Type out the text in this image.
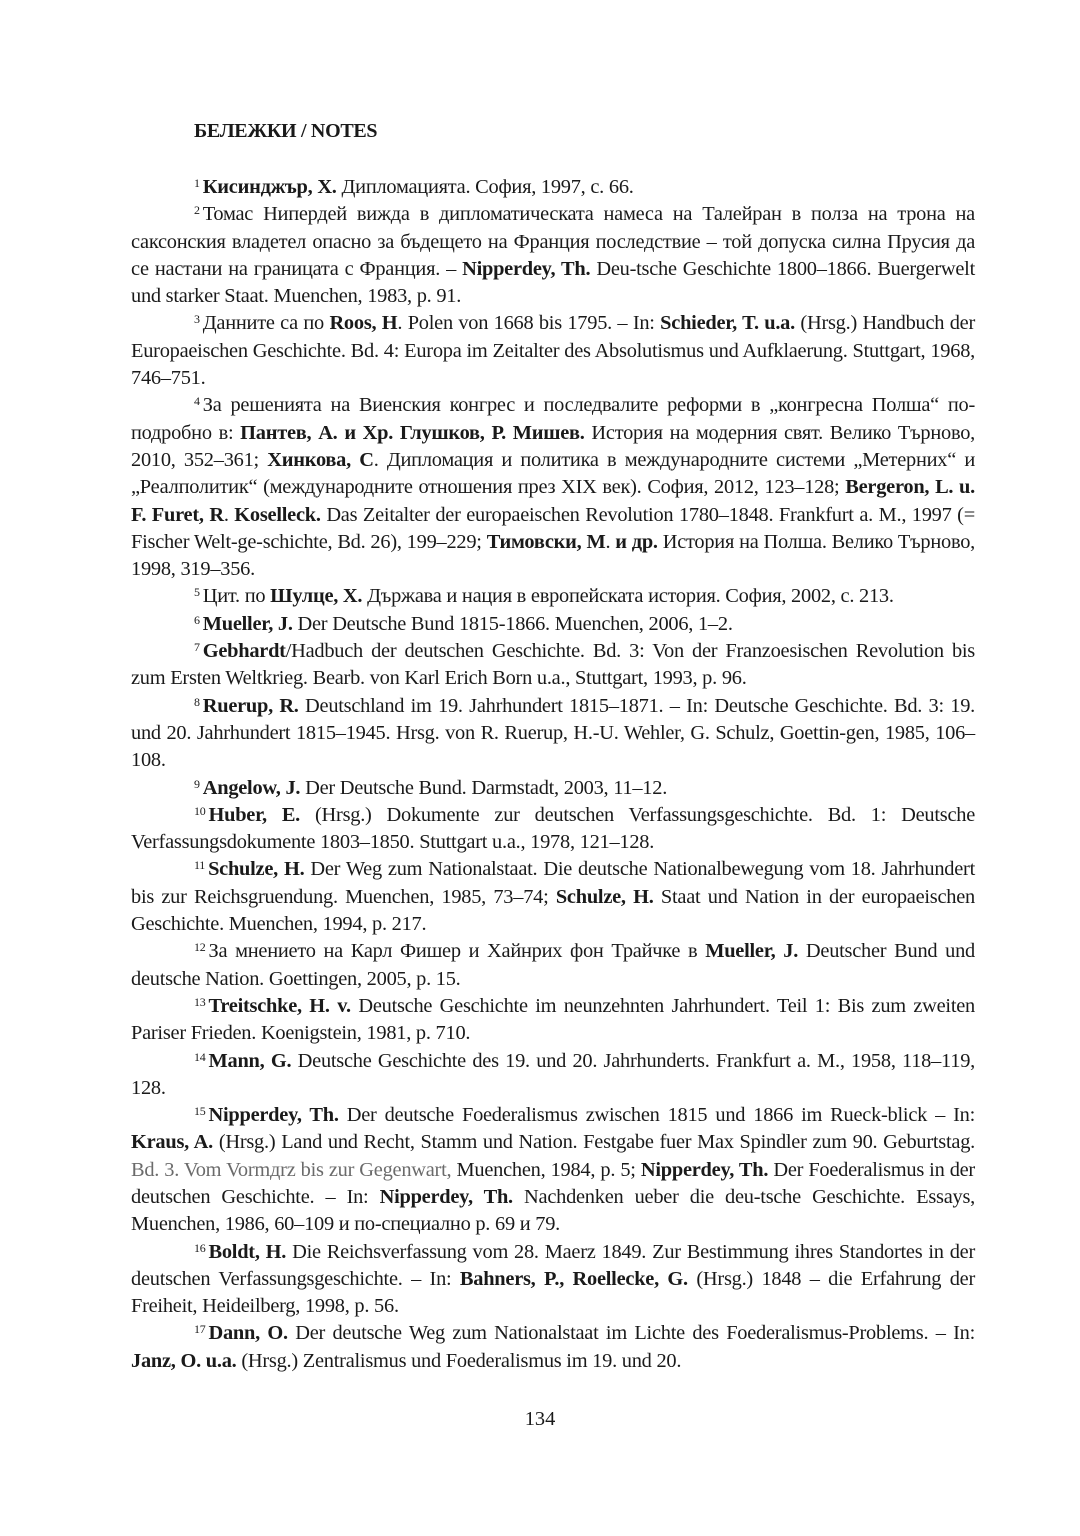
БЕЛЕЖКИ / NOTES

$^1$ Кисинджър, Х. Дипломацията. София, 1997, с. 66.

$^2$ Томас Нипердей вижда в дипломатическата намеса на Талейран в полза на трона на саксонския владетел опасно за бъдещето на Франция последствие – той допуска силна Прусия да се настани на границата с Франция. – Nipperdey, Th. Deu-tsche Geschichte 1800–1866. Buergerwelt und starker Staat. Muenchen, 1983, p. 91.

$^3$ Данните са по Roos, H. Polen von 1668 bis 1795. – In: Schieder, T. u.a. (Hrsg.) Handbuch der Europaeischen Geschichte. Bd. 4: Europa im Zeitalter des Absolutismus und Aufklaerung. Stuttgart, 1968, 746–751.

$^4$ За решенията на Виенския конгрес и последвалите реформи в „конгресна Полша“ по-подробно в: Пантев, А. и Хр. Глушков, Р. Мишев. История на модерния свят. Велико Търново, 2010, 352–361; Хинкова, С. Дипломация и политика в международните системи „Метерних“ и „Реалполитик“ (международните отношения през XIX век). София, 2012, 123–128; Bergeron, L. u. F. Furet, R. Koselleck. Das Zeitalter der europaeischen Revolution 1780–1848. Frankfurt a. M., 1997 (= Fischer Welt-ge-schichte, Bd. 26), 199–229; Тимовски, М. и др. История на Полша. Велико Търново, 1998, 319–356.

$^5$ Цит. по Шулце, Х. Държава и нация в европейската история. София, 2002, с. 213.

$^6$ Mueller, J. Der Deutsche Bund 1815-1866. Muenchen, 2006, 1–2.

$^7$ Gebhardt/Hadbuch der deutschen Geschichte. Bd. 3: Von der Franzoesischen Revolution bis zum Ersten Weltkrieg. Bearb. von Karl Erich Born u.a., Stuttgart, 1993, p. 96.

$^8$ Ruerup, R. Deutschland im 19. Jahrhundert 1815–1871. – In: Deutsche Geschichte. Bd. 3: 19. und 20. Jahrhundert 1815–1945. Hrsg. von R. Ruerup, H.-U. Wehler, G. Schulz, Goettin-gen, 1985, 106–108.

$^9$ Angelow, J. Der Deutsche Bund. Darmstadt, 2003, 11–12.

$^{10}$ Huber, E. (Hrsg.) Dokumente zur deutschen Verfassungsgeschichte. Bd. 1: Deutsche Verfassungsdokumente 1803–1850. Stuttgart u.a., 1978, 121–128.

$^{11}$ Schulze, H. Der Weg zum Nationalstaat. Die deutsche Nationalbewegung vom 18. Jahrhundert bis zur Reichsgruendung. Muenchen, 1985, 73–74; Schulze, H. Staat und Nation in der europaeischen Geschichte. Muenchen, 1994, p. 217.

$^{12}$ За мнението на Карл Фишер и Хайнрих фон Трайчке в Mueller, J. Deutscher Bund und deutsche Nation. Goettingen, 2005, p. 15.

$^{13}$ Treitschke, H. v. Deutsche Geschichte im neunzehnten Jahrhundert. Teil 1: Bis zum zweiten Pariser Frieden. Koenigstein, 1981, p. 710.

$^{14}$ Mann, G. Deutsche Geschichte des 19. und 20. Jahrhunderts. Frankfurt a. M., 1958, 118–119, 128.

$^{15}$ Nipperdey, Th. Der deutsche Foederalismus zwischen 1815 und 1866 im Rueck-blick – In: Kraus, A. (Hrsg.) Land und Recht, Stamm und Nation. Festgabe fuer Max Spindler zum 90. Geburtstag. Bd. 3. Vom Vormдrz bis zur Gegenwart, Muenchen, 1984, p. 5; Nipperdey, Th. Der Foederalismus in der deutschen Geschichte. – In: Nipperdey, Th. Nachdenken ueber die deu-tsche Geschichte. Essays, Muenchen, 1986, 60–109 и по-специално p. 69 и 79.

$^{16}$ Boldt, H. Die Reichsverfassung vom 28. Maerz 1849. Zur Bestimmung ihres Standortes in der deutschen Verfassungsgeschichte. – In: Bahners, P., Roellecke, G. (Hrsg.) 1848 – die Erfahrung der Freiheit, Heideilberg, 1998, p. 56.

$^{17}$ Dann, O. Der deutsche Weg zum Nationalstaat im Lichte des Foederalismus-Problems. – In: Janz, O. u.a. (Hrsg.) Zentralismus und Foederalismus im 19. und 20.

134
